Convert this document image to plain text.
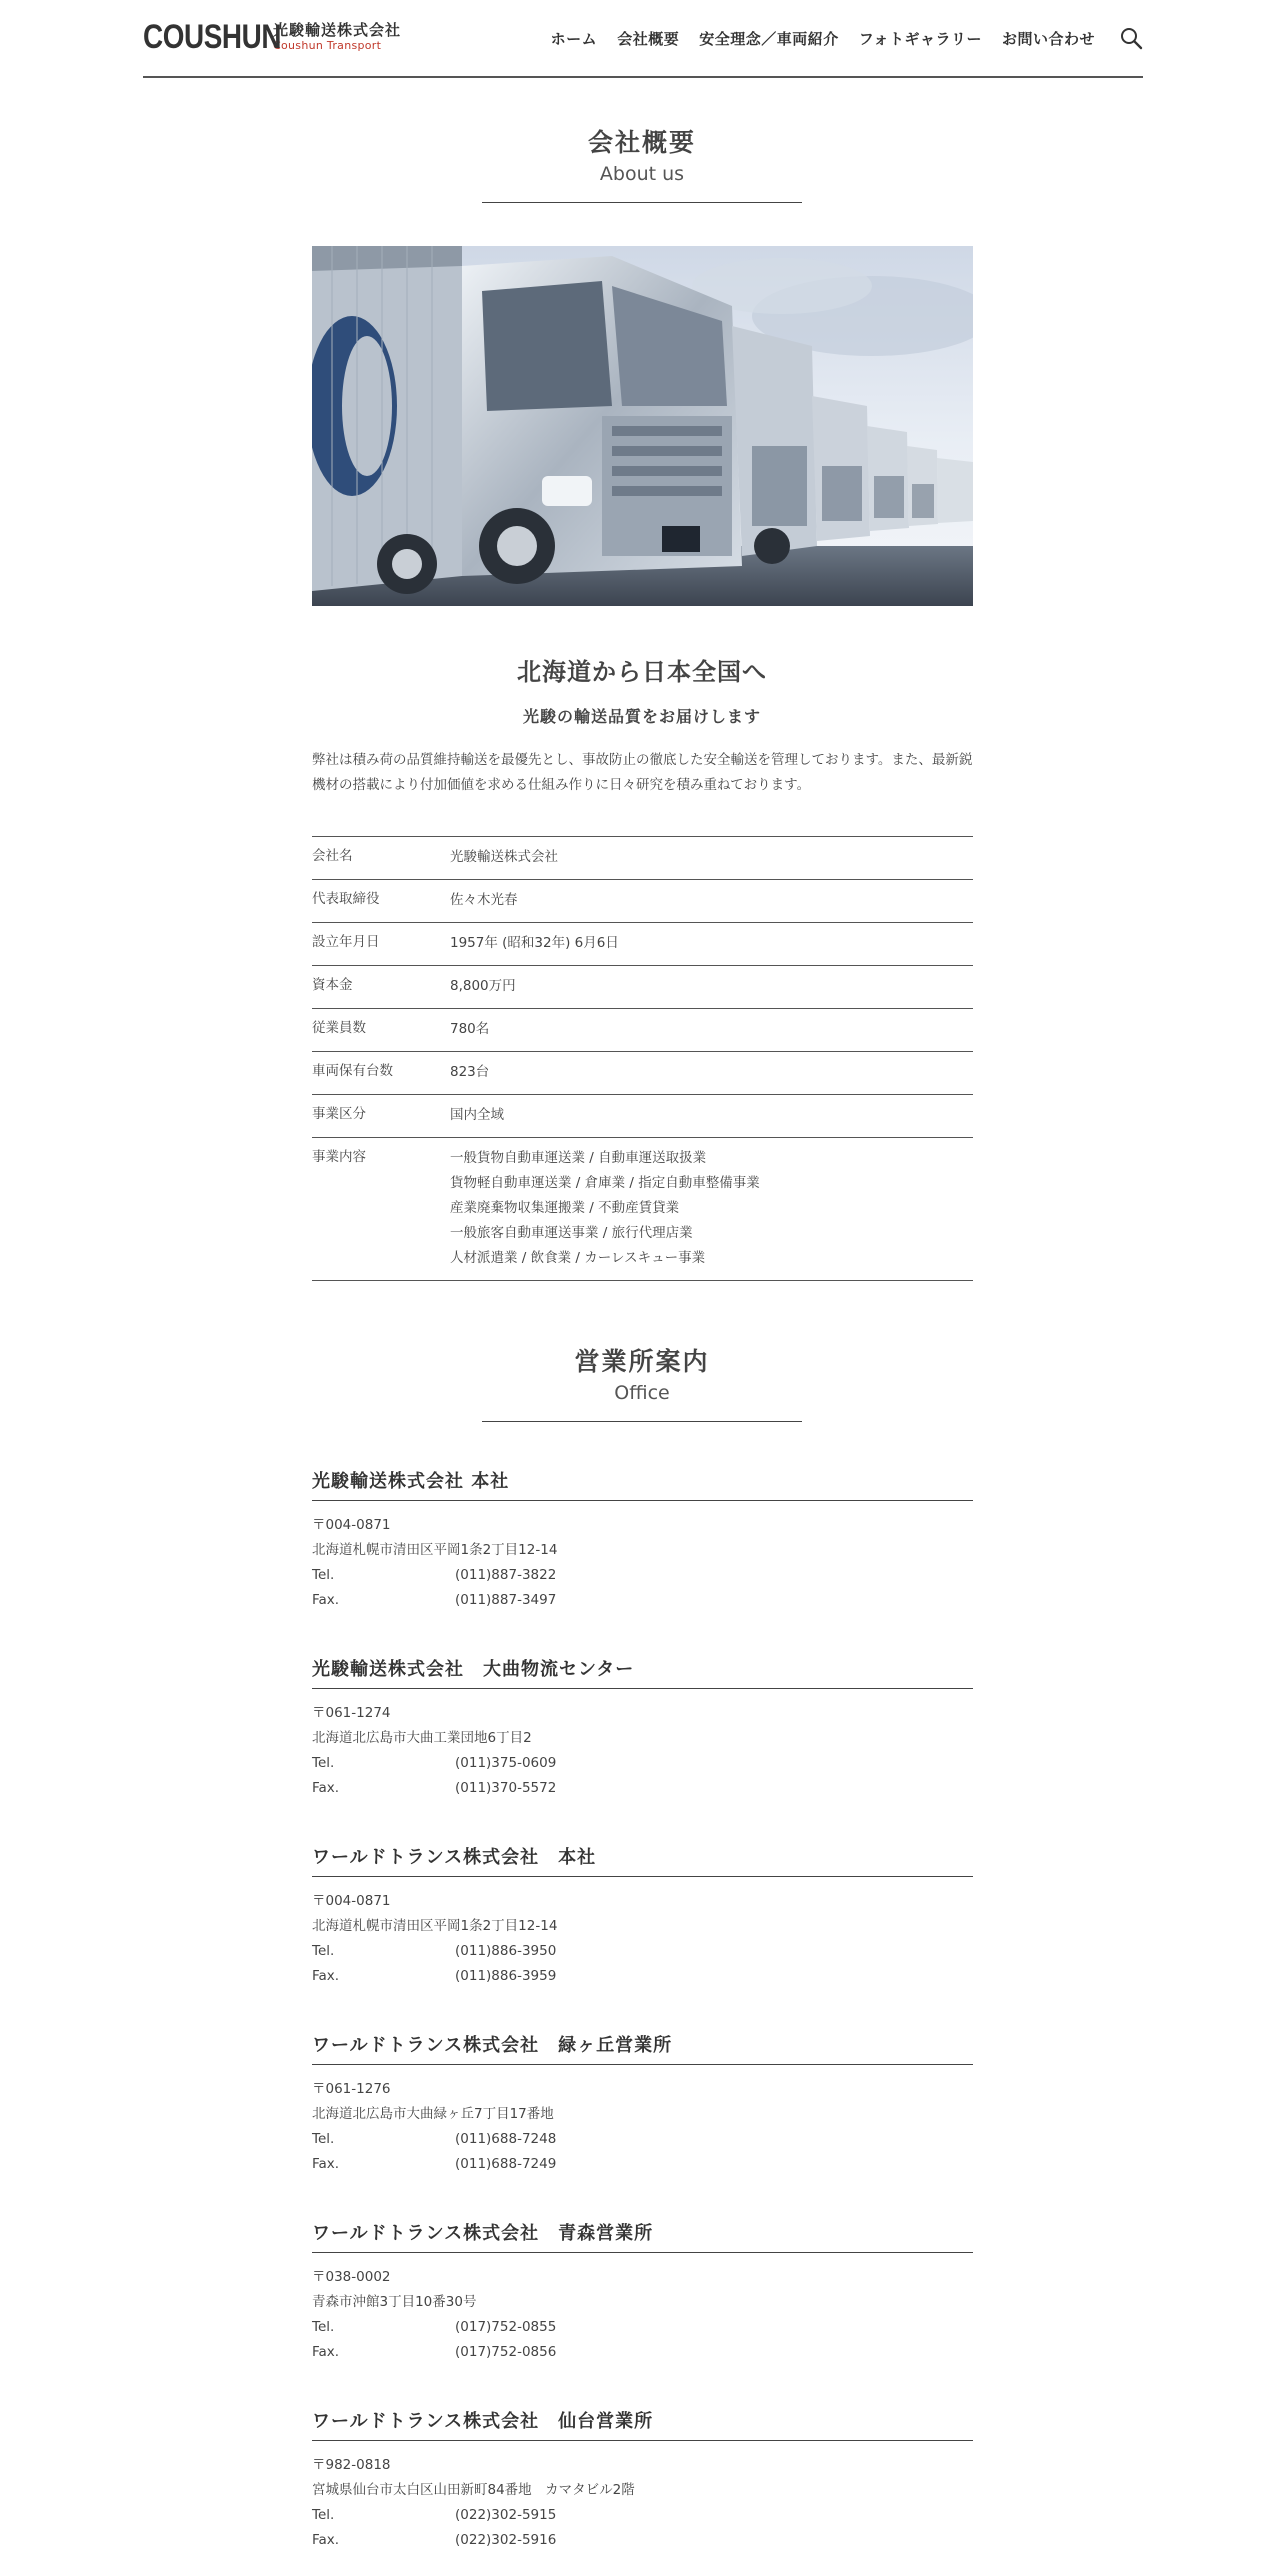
COUSHUN
光駿輸送株式会社
Coushun Transport	ホーム 会社概要 安全理念／車両紹介 フォトギャラリー お問い合わせ
会社概要
About us
北海道から日本全国へ
光駿の輸送品質をお届けします

弊社は積み荷の品質維持輸送を最優先とし、事故防止の徹底した安全輸送を管理しております。また、最新鋭機材の搭載により付加価値を求める仕組み作りに日々研究を積み重ねております。

会社名	光駿輸送株式会社
代表取締役	佐々木光春
設立年月日	1957年 (昭和32年) 6月6日
資本金	8,800万円
従業員数	780名
車両保有台数	823台
事業区分	国内全域
事業内容	一般貨物自動車運送業 / 自動車運送取扱業
貨物軽自動車運送業 / 倉庫業 / 指定自動車整備事業
産業廃棄物収集運搬業 / 不動産賃貸業
一般旅客自動車運送事業 / 旅行代理店業
人材派遣業 / 飲食業 / カーレスキュー事業
営業所案内
Office
光駿輸送株式会社 本社
〒004-0871
北海道札幌市清田区平岡1条2丁目12-14
Tel.	(011)887-3822
Fax.	(011)887-3497
光駿輸送株式会社　大曲物流センター
〒061-1274
北海道北広島市大曲工業団地6丁目2
Tel.	(011)375-0609
Fax.	(011)370-5572
ワールドトランス株式会社　本社
〒004-0871
北海道札幌市清田区平岡1条2丁目12-14
Tel.	(011)886-3950
Fax.	(011)886-3959
ワールドトランス株式会社　緑ヶ丘営業所
〒061-1276
北海道北広島市大曲緑ヶ丘7丁目17番地
Tel.	(011)688-7248
Fax.	(011)688-7249
ワールドトランス株式会社　青森営業所
〒038-0002
青森市沖館3丁目10番30号
Tel.	(017)752-0855
Fax.	(017)752-0856
ワールドトランス株式会社　仙台営業所
〒982-0818
宮城県仙台市太白区山田新町84番地　カマタビル2階
Tel.	(022)302-5915
Fax.	(022)302-5916
